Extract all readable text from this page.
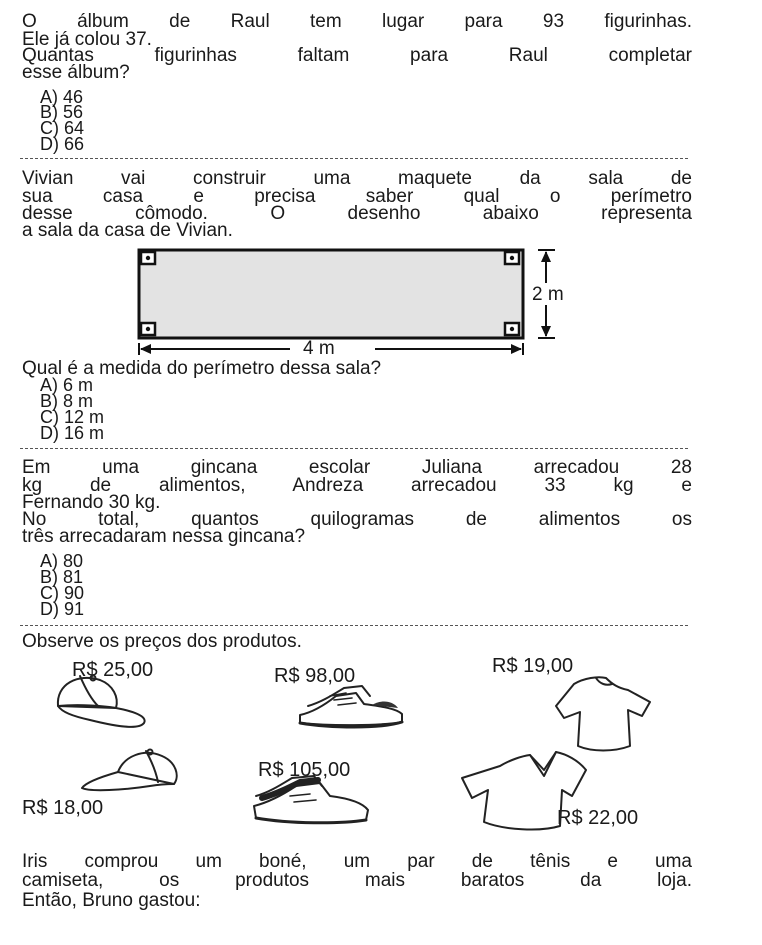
O álbum de Raul tem lugar para 93 figurinhas.

Ele já colou 37.

Quantas figurinhas faltam para Raul completar

esse álbum?

A) 46

B) 56

C) 64

D) 66

Vivian vai construir uma maquete da sala de

sua casa e precisa saber qual o perímetro

desse cômodo. O desenho abaixo representa

a sala da casa de Vivian.

2 m

4 m

Qual é a medida do perímetro dessa sala?

A) 6 m

B) 8 m

C) 12 m

D) 16 m

Em uma gincana escolar Juliana arrecadou 28

kg de alimentos, Andreza arrecadou 33 kg e

Fernando 30 kg.

No total, quantos quilogramas de alimentos os

três arrecadaram nessa gincana?

A) 80

B) 81

C) 90

D) 91

Observe os preços dos produtos.

R$ 25,00	R$ 98,00	R$ 19,00

R$ 18,00

R$ 105,00

R$ 22,00

Iris comprou um boné, um par de tênis e uma

camiseta, os produtos mais baratos da loja.

Então, Bruno gastou:
